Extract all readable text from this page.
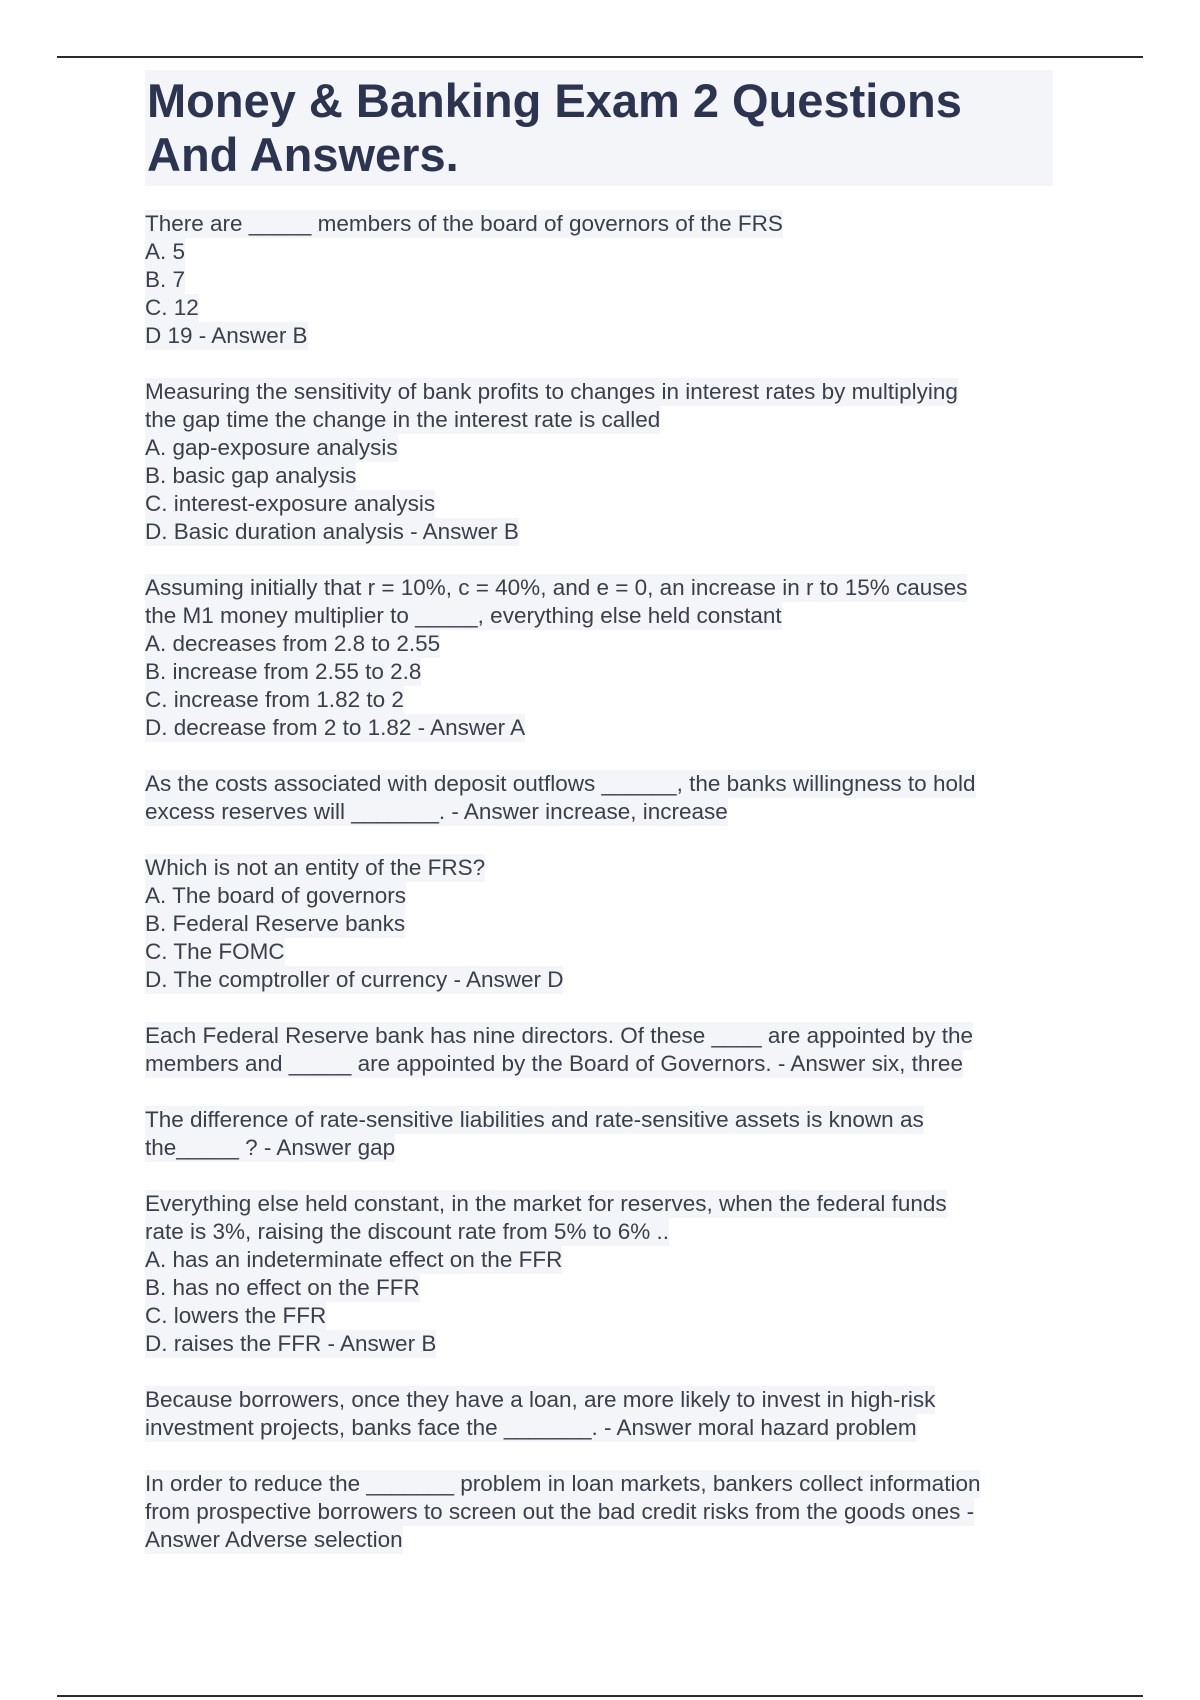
Money & Banking Exam 2 Questions
And Answers.
There are _____ members of the board of governors of the FRS
A. 5
B. 7
C. 12
D 19 - Answer B
Measuring the sensitivity of bank profits to changes in interest rates by multiplying
the gap time the change in the interest rate is called
A. gap-exposure analysis
B. basic gap analysis
C. interest-exposure analysis
D. Basic duration analysis - Answer B
Assuming initially that r = 10%, c = 40%, and e = 0, an increase in r to 15% causes
the M1 money multiplier to _____, everything else held constant
A. decreases from 2.8 to 2.55
B. increase from 2.55 to 2.8
C. increase from 1.82 to 2
D. decrease from 2 to 1.82 - Answer A
As the costs associated with deposit outflows ______, the banks willingness to hold
excess reserves will _______. - Answer increase, increase
Which is not an entity of the FRS?
A. The board of governors
B. Federal Reserve banks
C. The FOMC
D. The comptroller of currency - Answer D
Each Federal Reserve bank has nine directors. Of these ____ are appointed by the
members and _____ are appointed by the Board of Governors. - Answer six, three
The difference of rate-sensitive liabilities and rate-sensitive assets is known as
the_____ ? - Answer gap
Everything else held constant, in the market for reserves, when the federal funds
rate is 3%, raising the discount rate from 5% to 6% ..
A. has an indeterminate effect on the FFR
B. has no effect on the FFR
C. lowers the FFR
D. raises the FFR - Answer B
Because borrowers, once they have a loan, are more likely to invest in high-risk
investment projects, banks face the _______. - Answer moral hazard problem
In order to reduce the _______ problem in loan markets, bankers collect information
from prospective borrowers to screen out the bad credit risks from the goods ones -
Answer Adverse selection
